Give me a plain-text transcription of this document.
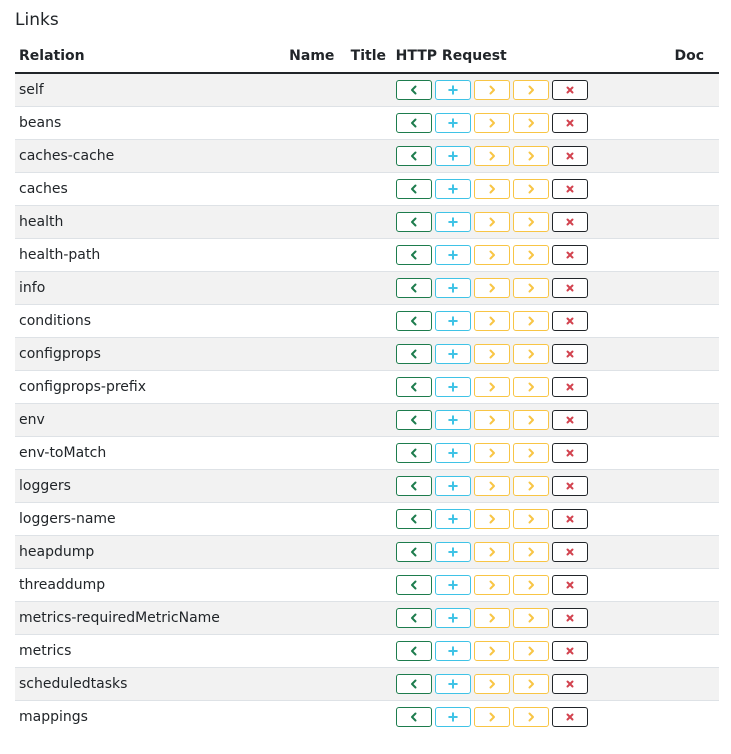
Links
Relation	Name	Title	HTTP Request	Doc
self			

beans			

caches-cache			

caches			

health			

health-path			

info			

conditions			

configprops			

configprops-prefix			

env			

env-toMatch			

loggers			

loggers-name			

heapdump			

threaddump			

metrics-requiredMetricName			

metrics			

scheduledtasks			

mappings			
